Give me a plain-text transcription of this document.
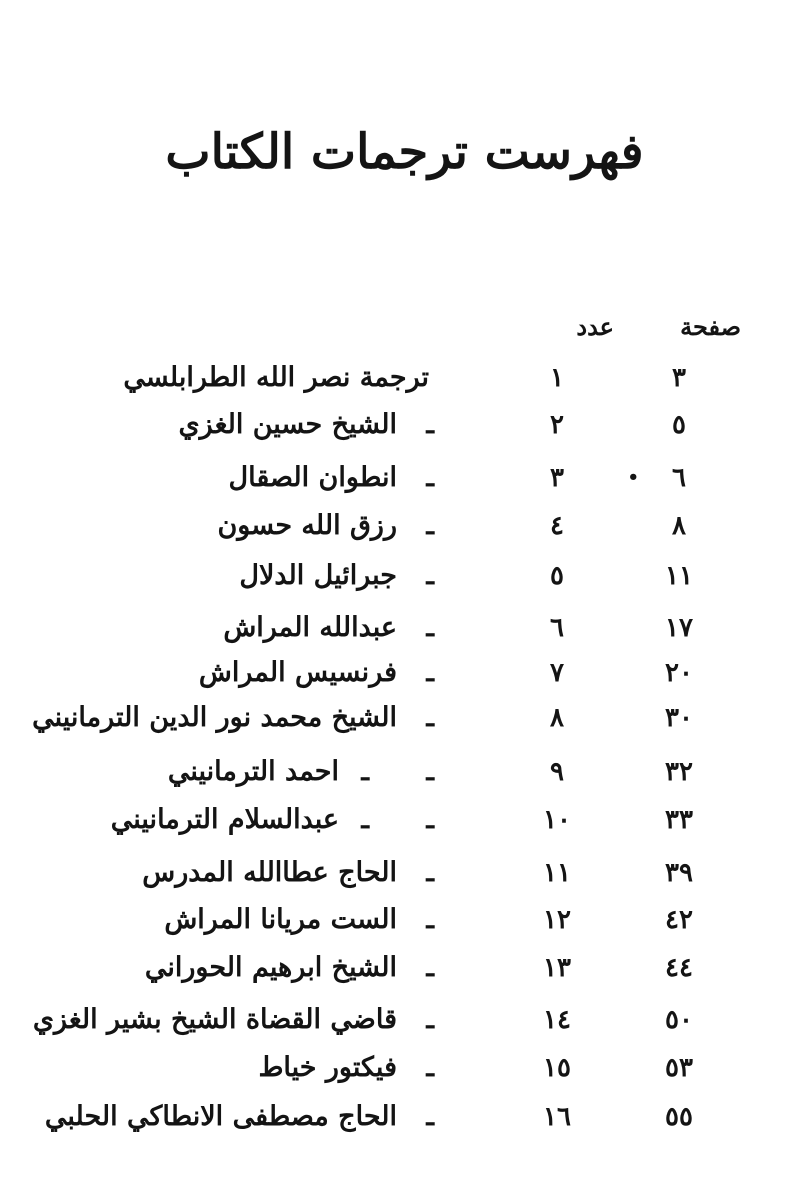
فهرست ترجمات الكتاب
صفحة
عدد
٣
١
ترجمة نصر الله الطرابلسي
٥
٢
ـ
الشيخ حسين الغزي
٦
•
٣
ـ
انطوان الصقال
٨
٤
ـ
رزق الله حسون
١١
٥
ـ
جبرائيل الدلال
١٧
٦
ـ
عبدالله المراش
٢٠
٧
ـ
فرنسيس المراش
٣٠
٨
ـ
الشيخ محمد نور الدين الترمانيني
٣٢
٩
ـ
ـ
احمد الترمانيني
٣٣
١٠
ـ
ـ
عبدالسلام الترمانيني
٣٩
١١
ـ
الحاج عطاالله المدرس
٤٢
١٢
ـ
الست مريانا المراش
٤٤
١٣
ـ
الشيخ ابرهيم الحوراني
٥٠
١٤
ـ
قاضي القضاة الشيخ بشير الغزي
٥٣
١٥
ـ
فيكتور خياط
٥٥
١٦
ـ
الحاج مصطفى الانطاكي الحلبي
